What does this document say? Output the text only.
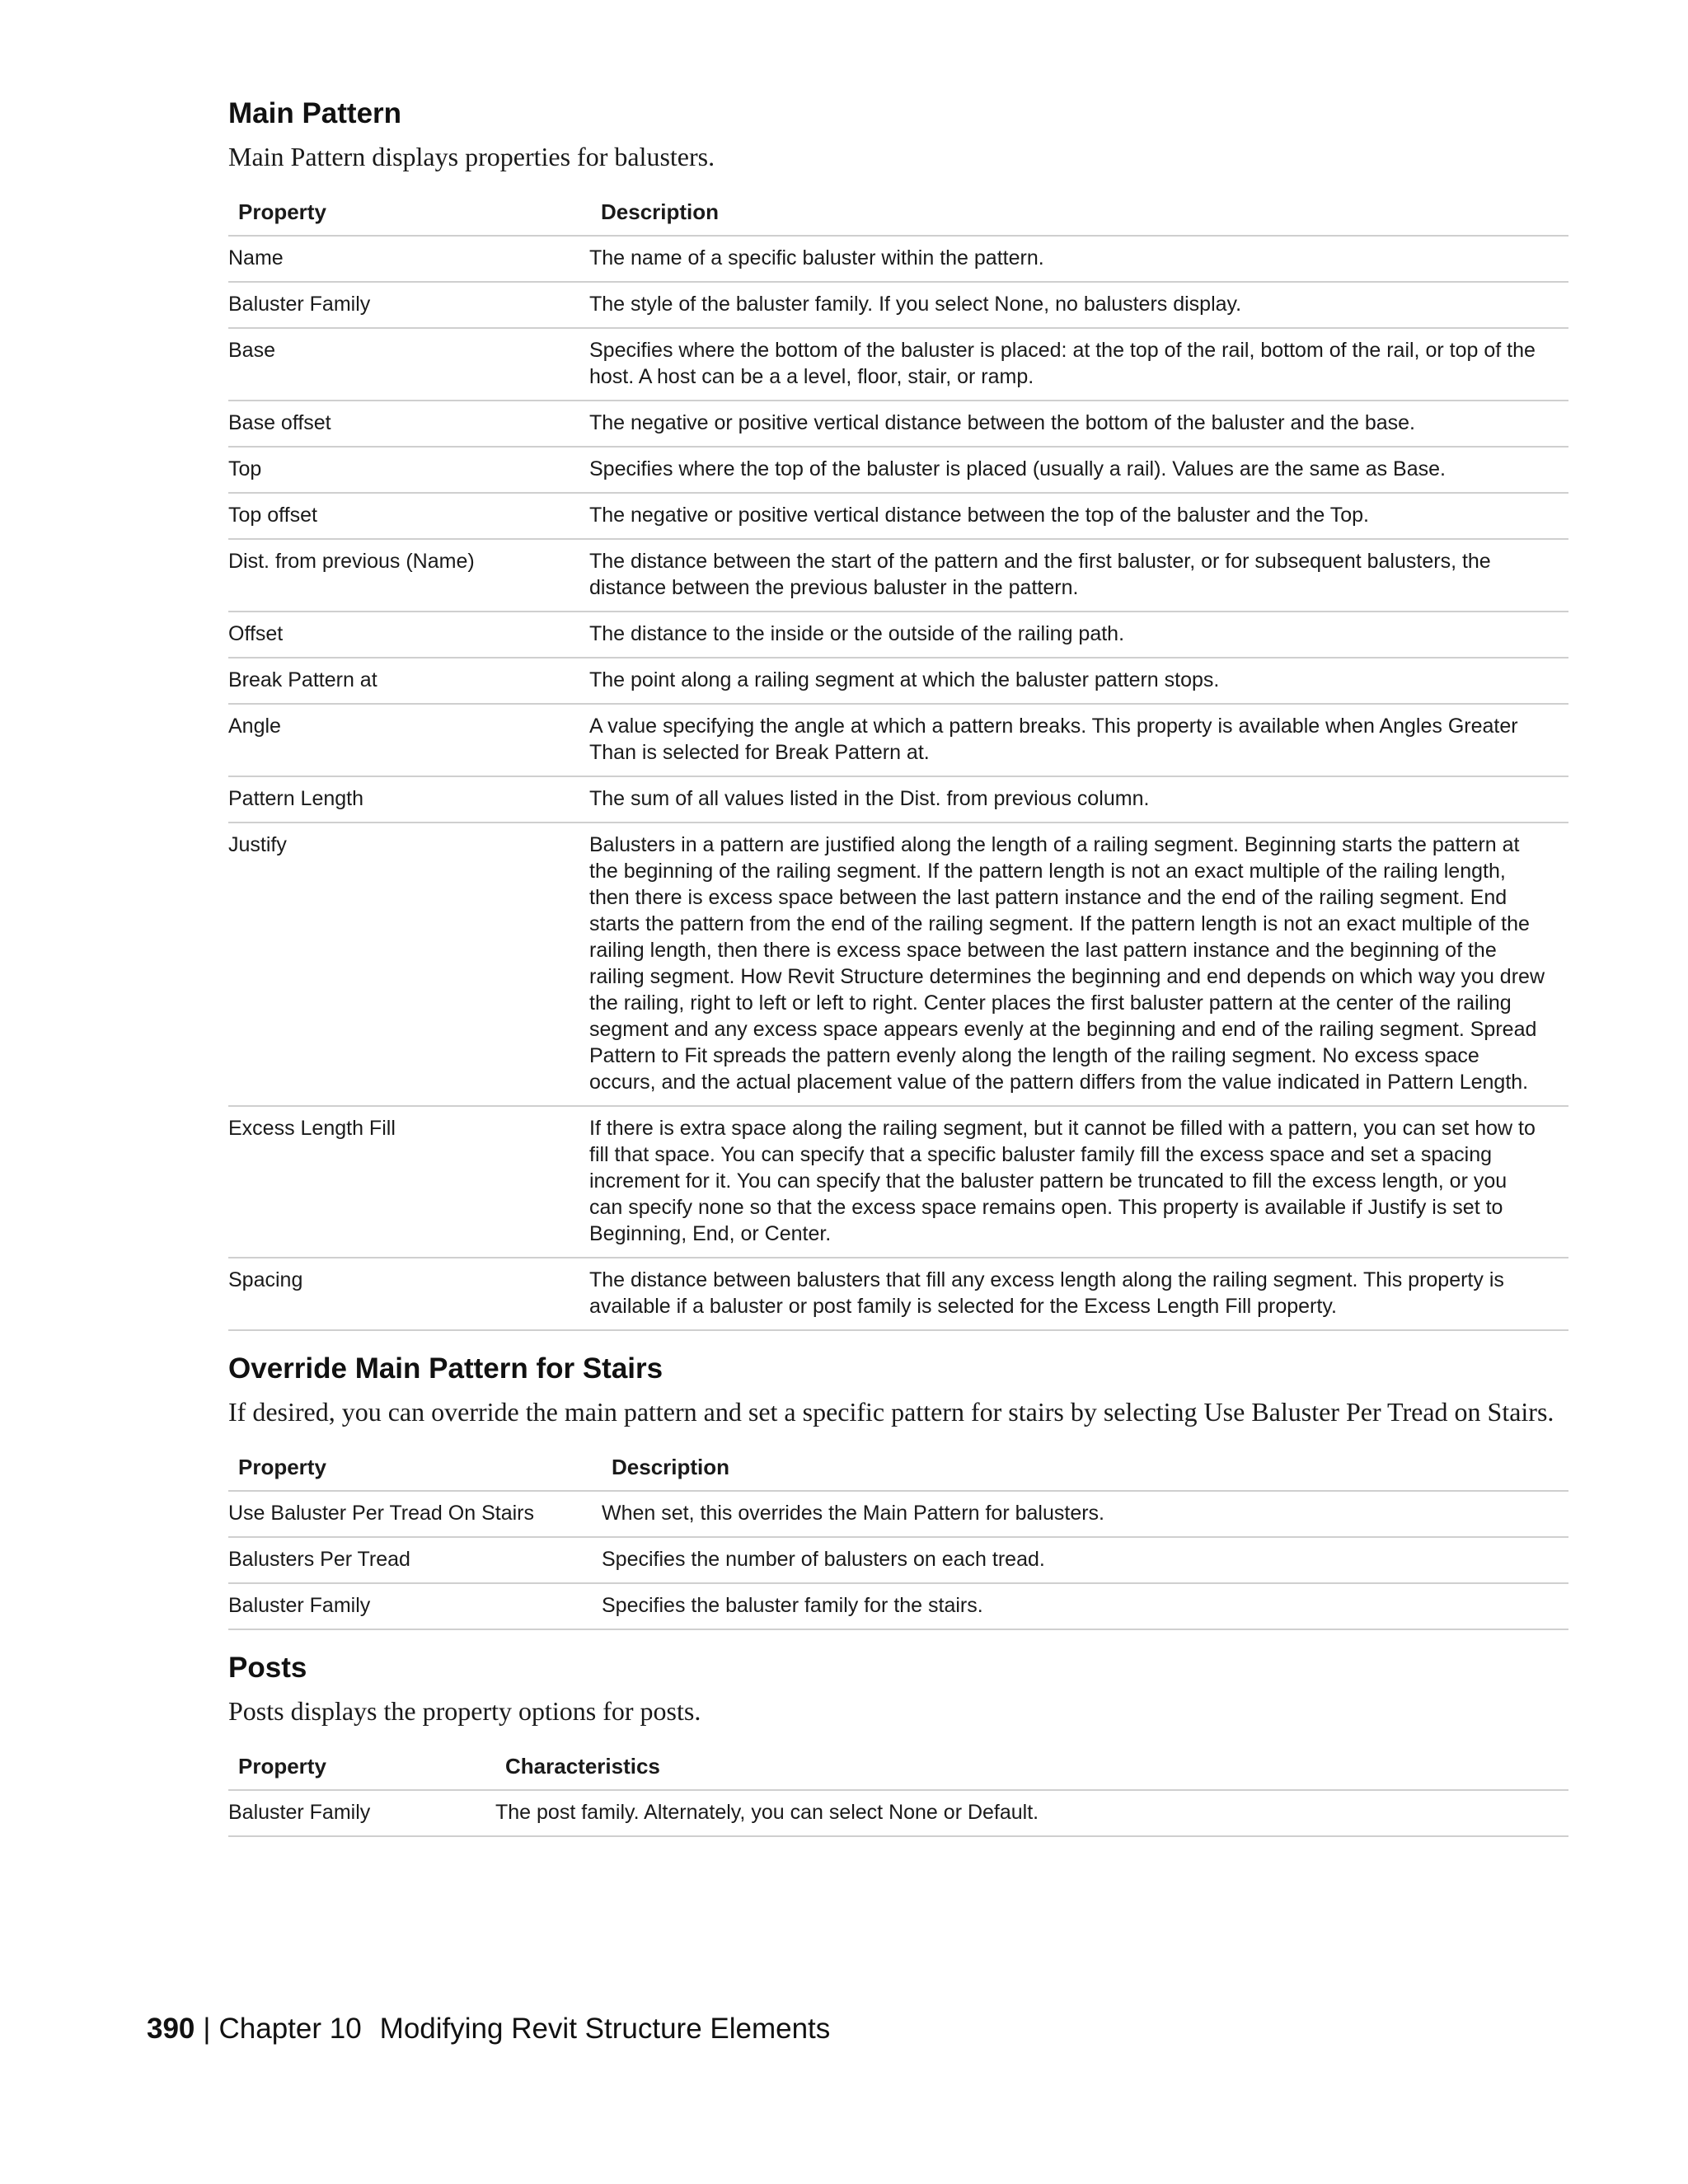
Main Pattern

Main Pattern displays properties for balusters.

Property	Description
Name	The name of a specific baluster within the pattern.
Baluster Family	The style of the baluster family. If you select None, no balusters display.
Base	Specifies where the bottom of the baluster is placed: at the top of the rail, bottom of the rail, or top of the host. A host can be a a level, floor, stair, or ramp.
Base offset	The negative or positive vertical distance between the bottom of the baluster and the base.
Top	Specifies where the top of the baluster is placed (usually a rail). Values are the same as Base.
Top offset	The negative or positive vertical distance between the top of the baluster and the Top.
Dist. from previous (Name)	The distance between the start of the pattern and the first baluster, or for subsequent balusters, the distance between the previous baluster in the pattern.
Offset	The distance to the inside or the outside of the railing path.
Break Pattern at	The point along a railing segment at which the baluster pattern stops.
Angle	A value specifying the angle at which a pattern breaks. This property is available when Angles Greater Than is selected for Break Pattern at.
Pattern Length	The sum of all values listed in the Dist. from previous column.
Justify	Balusters in a pattern are justified along the length of a railing segment. Beginning starts the pattern at the beginning of the railing segment. If the pattern length is not an exact multiple of the railing length, then there is excess space between the last pattern instance and the end of the railing segment. End starts the pattern from the end of the railing segment. If the pattern length is not an exact multiple of the railing length, then there is excess space between the last pattern instance and the beginning of the railing segment. How Revit Structure determines the beginning and end depends on which way you drew the railing, right to left or left to right. Center places the first baluster pattern at the center of the railing segment and any excess space appears evenly at the beginning and end of the railing segment. Spread Pattern to Fit spreads the pattern evenly along the length of the railing segment. No excess space occurs, and the actual placement value of the pattern differs from the value indicated in Pattern Length.
Excess Length Fill	If there is extra space along the railing segment, but it cannot be filled with a pattern, you can set how to fill that space. You can specify that a specific baluster family fill the excess space and set a spacing increment for it. You can specify that the baluster pattern be truncated to fill the excess length, or you can specify none so that the excess space remains open. This property is available if Justify is set to Beginning, End, or Center.
Spacing	The distance between balusters that fill any excess length along the railing segment. This property is available if a baluster or post family is selected for the Excess Length Fill property.
Override Main Pattern for Stairs

If desired, you can override the main pattern and set a specific pattern for stairs by selecting Use Baluster Per Tread on Stairs.

Property	Description
Use Baluster Per Tread On Stairs	When set, this overrides the Main Pattern for balusters.
Balusters Per Tread	Specifies the number of balusters on each tread.
Baluster Family	Specifies the baluster family for the stairs.
Posts

Posts displays the property options for posts.

Property	Characteristics
Baluster Family	The post family. Alternately, you can select None or Default.
390 | Chapter 10 Modifying Revit Structure Elements
